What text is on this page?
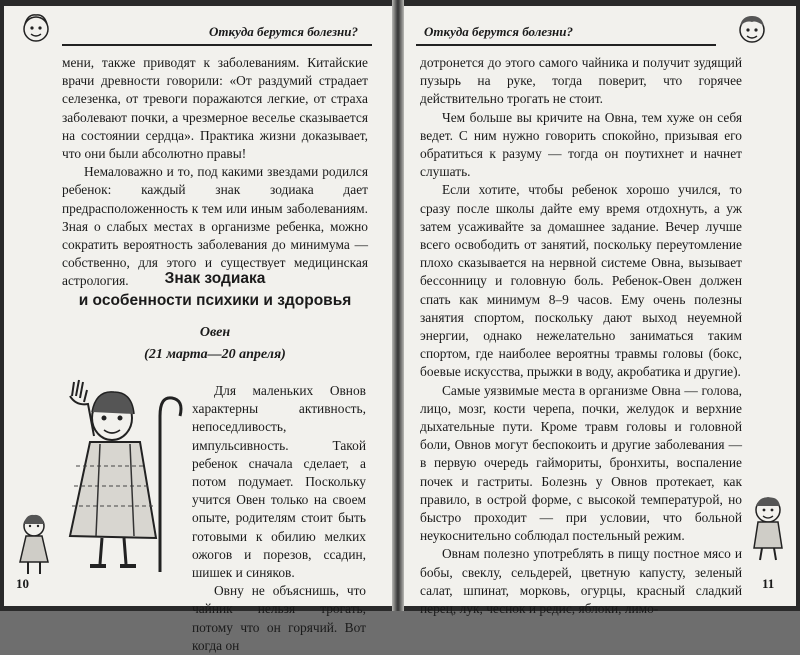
Откуда берутся болезни?

мени, также приводят к заболеваниям. Китайские врачи древности говорили: «От раздумий страдает селезенка, от тревоги поражаются легкие, от страха заболевают почки, а чрезмерное веселье сказывается на состоянии сердца». Практика жизни доказывает, что они были абсолютно правы!

Немаловажно и то, под какими звездами родился ребенок: каждый знак зодиака дает предрасположенность к тем или иным заболеваниям. Зная о слабых местах в организме ребенка, можно сократить вероятность заболевания до минимума — собственно, для этого и существует медицинская астрология.	Знак зодиака
и особенности психики и здоровья
Овен
(21 марта—20 апреля)

Для маленьких Овнов характерны активность, непоседливость, импульсивность. Такой ребенок сначала сделает, а потом подумает. Поскольку учится Овен только на своем опыте, родителям стоит быть готовыми к обилию мелких ожогов и порезов, ссадин, шишек и синяков.

Овну не объяснишь, что чайник нельзя трогать, потому что он горячий. Вот когда он

10
Откуда берутся болезни?

дотронется до этого самого чайника и получит зудящий пузырь на руке, тогда поверит, что горячее действительно трогать не стоит.

Чем больше вы кричите на Овна, тем хуже он себя ведет. С ним нужно говорить спокойно, призывая его обратиться к разуму — тогда он поутихнет и начнет слушать.

Если хотите, чтобы ребенок хорошо учился, то сразу после школы дайте ему время отдохнуть, а уж затем усаживайте за домашнее задание. Вечер лучше всего освободить от занятий, поскольку переутомление плохо сказывается на нервной системе Овна, вызывает бессонницу и головную боль. Ребенок-Овен должен спать как минимум 8–9 часов. Ему очень полезны занятия спортом, поскольку дают выход неуемной энергии, однако нежелательно заниматься таким спортом, где наиболее вероятны травмы головы (бокс, боевые искусства, прыжки в воду, акробатика и другие).

Самые уязвимые места в организме Овна — голова, лицо, мозг, кости черепа, почки, желудок и верхние дыхательные пути. Кроме травм головы и головной боли, Овнов могут беспокоить и другие заболевания — в первую очередь гаймориты, бронхиты, воспаление почек и гастриты. Болезнь у Овнов протекает, как правило, в острой форме, с высокой температурой, но быстро проходит — при условии, что больной неукоснительно соблюдал постельный режим.

Овнам полезно употреблять в пищу постное мясо и бобы, свеклу, сельдерей, цветную капусту, зеленый салат, шпинат, морковь, огурцы, красный сладкий перец, лук, чеснок и редис, яблоки, лимо-

11
